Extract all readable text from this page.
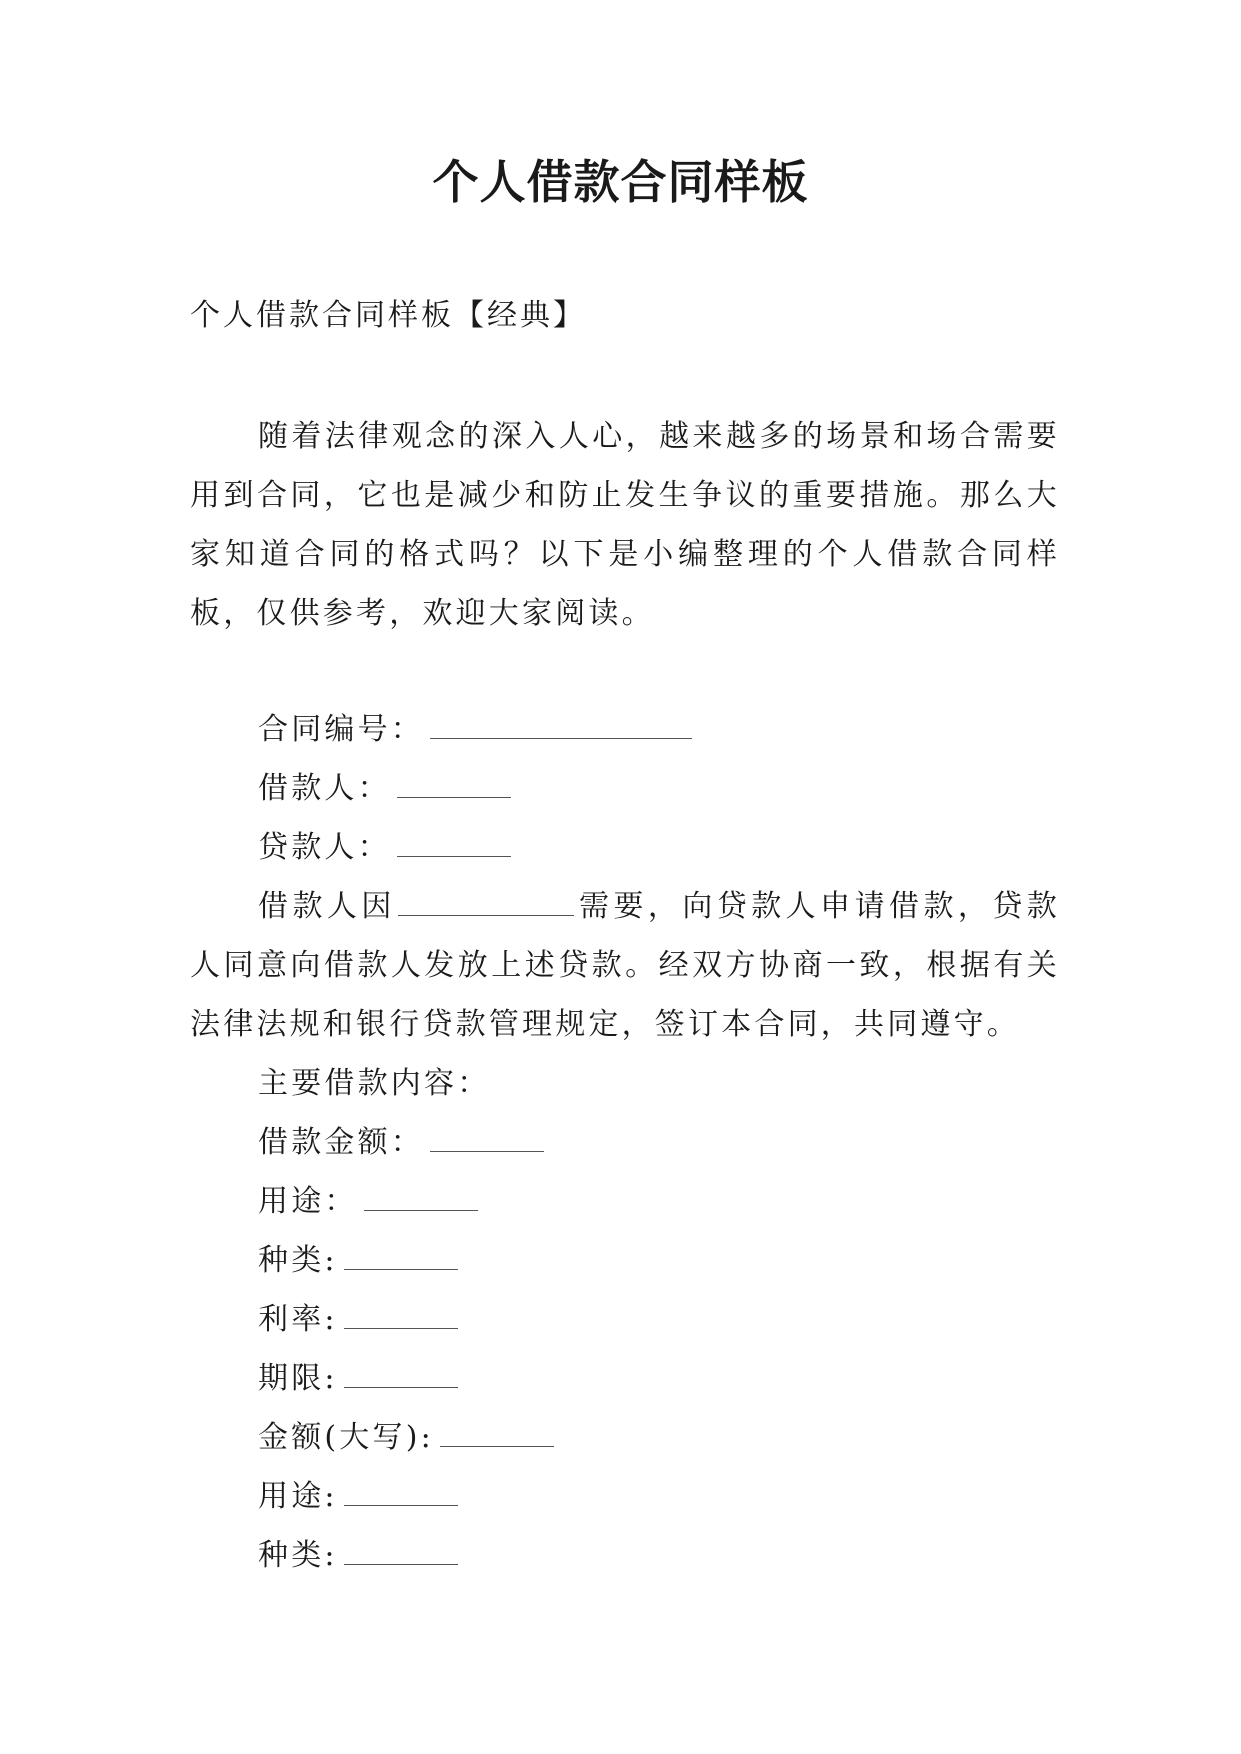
个人借款合同样板

个人借款合同样板【经典】

随着法律观念的深入人心，越来越多的场景和场合需要用到合同，它也是减少和防止发生争议的重要措施。那么大家知道合同的格式吗？以下是小编整理的个人借款合同样板，仅供参考，欢迎大家阅读。

合同编号：

借款人：

贷款人：

借款人因	需要，向贷款人申请借款，贷款人同意向借款人发放上述贷款。经双方协商一致，根据有关法律法规和银行贷款管理规定，签订本合同，共同遵守。

主要借款内容：

借款金额：

用途：

种类:

利率:

期限:

金额(大写):

用途:

种类:
